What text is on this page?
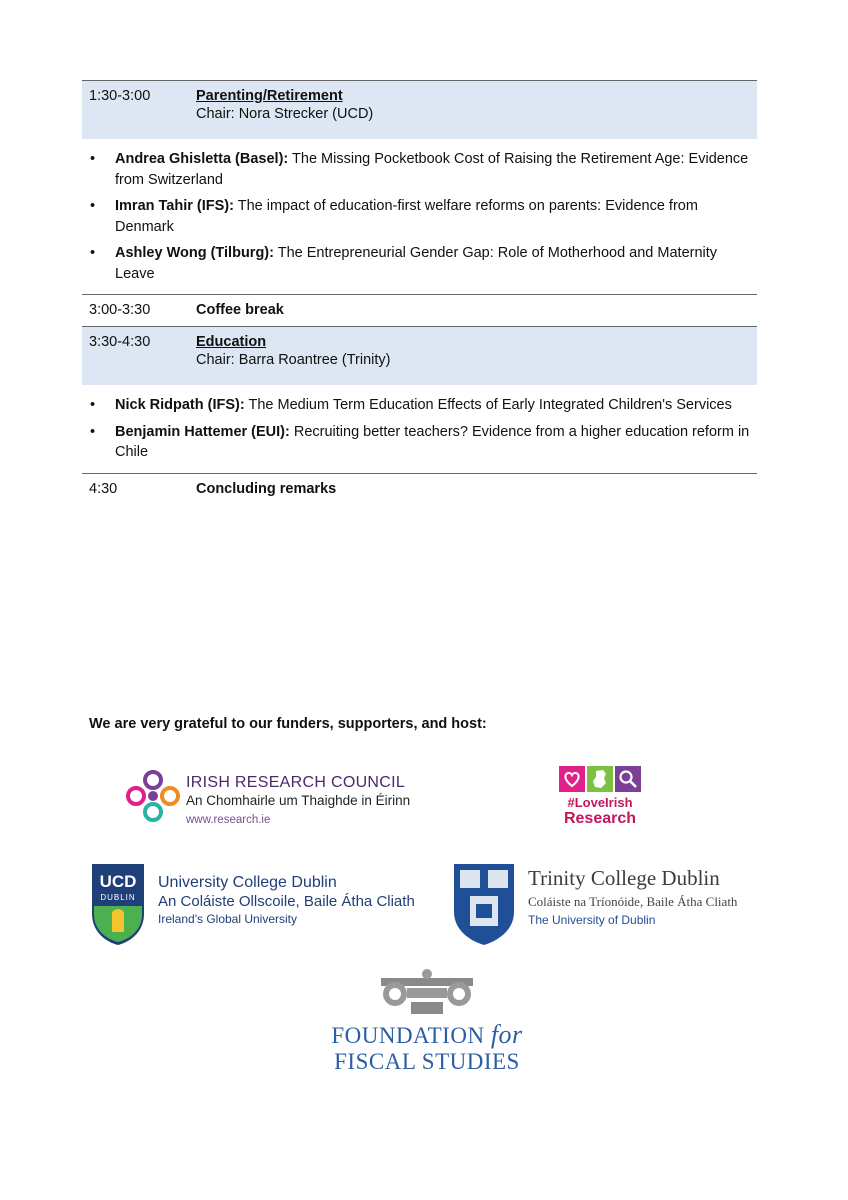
1:30-3:00	Parenting/Retirement
Chair: Nora Strecker (UCD)
• Andrea Ghisletta (Basel): The Missing Pocketbook Cost of Raising the Retirement Age: Evidence from Switzerland
• Imran Tahir (IFS): The impact of education-first welfare reforms on parents: Evidence from Denmark
• Ashley Wong (Tilburg): The Entrepreneurial Gender Gap: Role of Motherhood and Maternity Leave
3:00-3:30	Coffee break
3:30-4:30	Education
Chair: Barra Roantree (Trinity)
• Nick Ridpath (IFS): The Medium Term Education Effects of Early Integrated Children's Services
• Benjamin Hattemer (EUI): Recruiting better teachers? Evidence from a higher education reform in Chile
4:30	Concluding remarks
We are very grateful to our funders, supporters, and host:
IRISH RESEARCH COUNCIL
An Chomhairle um Thaighde in Éirinn
www.research.ie
#LoveIrish
Research
UCD
DUBLIN
University College Dublin
An Coláiste Ollscoile, Baile Átha Cliath
Ireland's Global University
Trinity College Dublin
Coláiste na Tríonóide, Baile Átha Cliath
The University of Dublin
FOUNDATION for
FISCAL STUDIES
